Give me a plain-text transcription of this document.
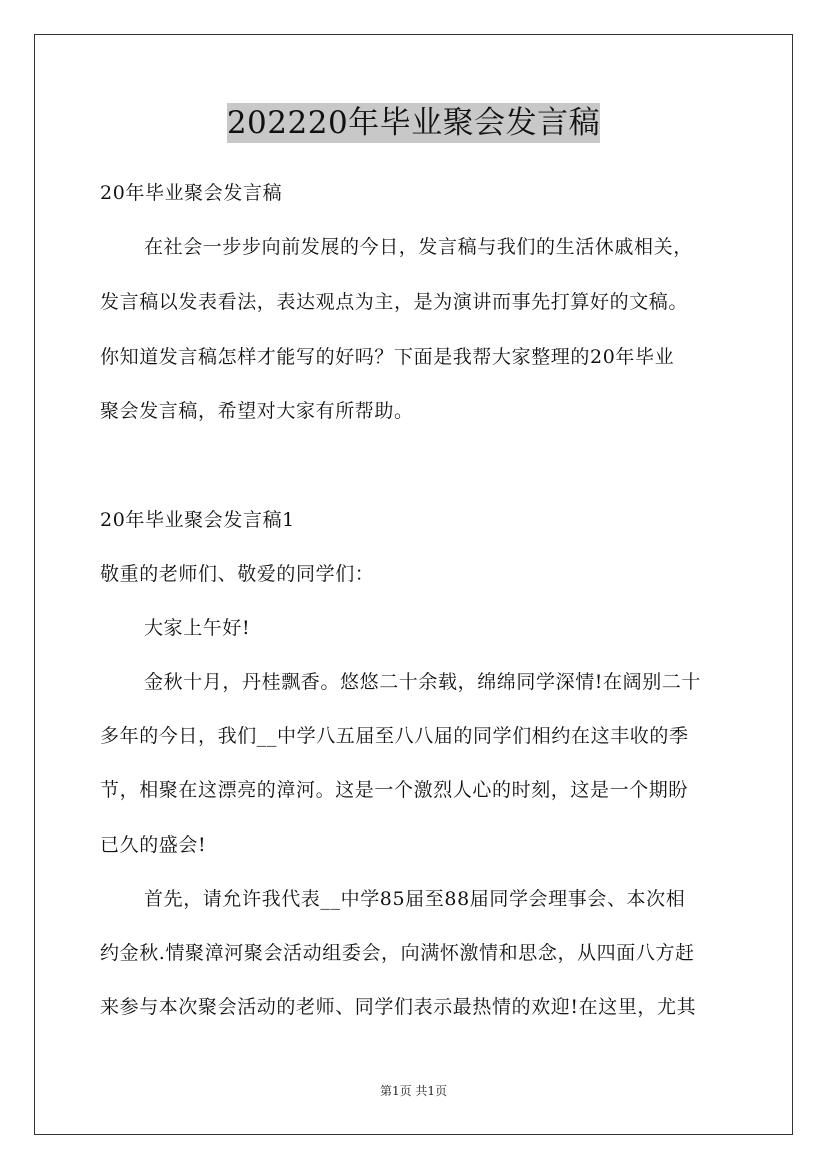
202220年毕业聚会发言稿
20年毕业聚会发言稿
在社会一步步向前发展的今日，发言稿与我们的生活休戚相关，
发言稿以发表看法，表达观点为主，是为演讲而事先打算好的文稿。
你知道发言稿怎样才能写的好吗？下面是我帮大家整理的20年毕业
聚会发言稿，希望对大家有所帮助。
20年毕业聚会发言稿1
敬重的老师们、敬爱的同学们：
大家上午好!
金秋十月，丹桂飘香。悠悠二十余载，绵绵同学深情!在阔别二十
多年的今日，我们__中学八五届至八八届的同学们相约在这丰收的季
节，相聚在这漂亮的漳河。这是一个激烈人心的时刻，这是一个期盼
已久的盛会!
首先，请允许我代表__中学85届至88届同学会理事会、本次相
约金秋.情聚漳河聚会活动组委会，向满怀激情和思念，从四面八方赶
来参与本次聚会活动的老师、同学们表示最热情的欢迎!在这里，尤其
第1页 共1页
